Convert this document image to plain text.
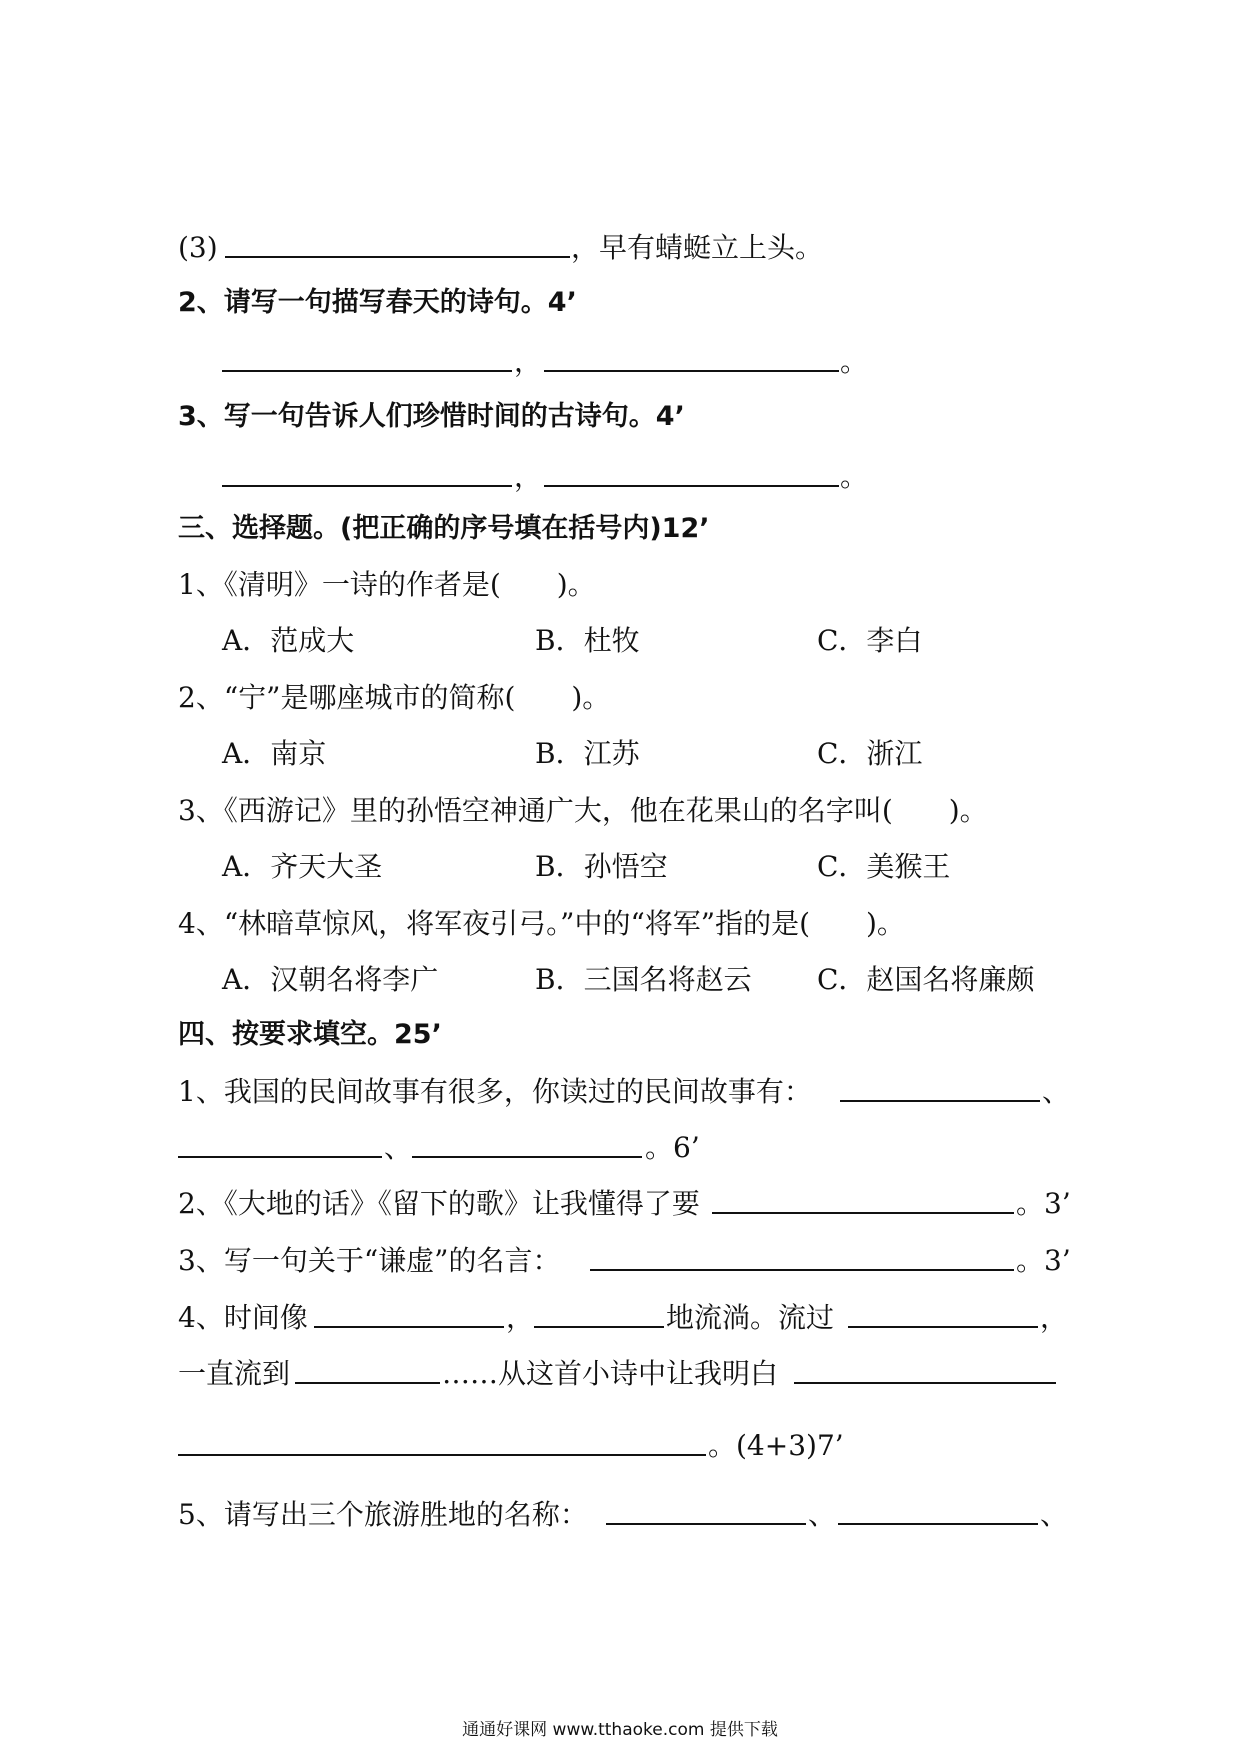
(3)	，早有蜻蜓立上头。
2、请写一句描写春天的诗句。4’
，	。
3、写一句告诉人们珍惜时间的古诗句。4’
，	。
三、选择题。(把正确的序号填在括号内)12’
1、《清明》一诗的作者是(　　)。
A．范成大	B．杜牧	C．李白
2、“宁”是哪座城市的简称(　　)。
A．南京	B．江苏	C．浙江
3、《西游记》里的孙悟空神通广大，他在花果山的名字叫(　　)。
A．齐天大圣	B．孙悟空	C．美猴王
4、“林暗草惊风，将军夜引弓。”中的“将军”指的是(　　)。
A．汉朝名将李广	B．三国名将赵云 C．赵国名将廉颇
四、按要求填空。25’
1、我国的民间故事有很多，你读过的民间故事有：	、
、	。6’
2、《大地的话》《留下的歌》让我懂得了要	。3’
3、写一句关于“谦虚”的名言：	。3’
4、时间像	，	地流淌。流过	，
一直流到	……从这首小诗中让我明白
。(4+3)7’
5、请写出三个旅游胜地的名称：	、	、
通通好课网 www.tthaoke.com 提供下载
